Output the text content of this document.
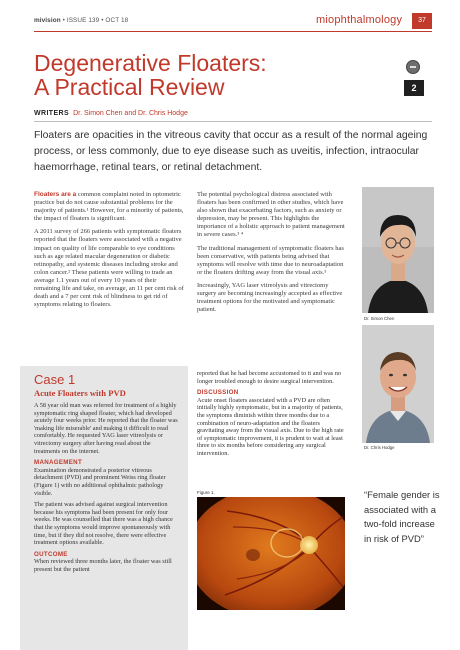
mivision • ISSUE 139 • OCT 18	miophthalmology	37
2
Degenerative Floaters:
A Practical Review
WRITERS Dr. Simon Chen and Dr. Chris Hodge
Floaters are opacities in the vitreous cavity that occur as a result of the normal ageing process, or less commonly, due to eye disease such as uveitis, infection, intraocular haemorrhage, retinal tears, or retinal detachment.

Floaters are a common complaint noted in optometric practice but do not cause substantial problems for the majority of patients.¹ However, for a minority of patients, the impact of floaters is significant.

A 2011 survey of 266 patients with symptomatic floaters reported that the floaters were associated with a negative impact on quality of life comparable to eye conditions such as age related macular degeneration or diabetic retinopathy, and systemic diseases including stroke and colon cancer.² These patients were willing to trade an average 1.1 years out of every 10 years of their remaining life and take, on average, an 11 per cent risk of death and a 7 per cent risk of blindness to get rid of symptoms relating to floaters.

The potential psychological distress associated with floaters has been confirmed in other studies, which have also shown that exacerbating factors, such as anxiety or depression, may be present. This highlights the importance of a holistic approach to patient management in severe cases.³ ⁴

The traditional management of symptomatic floaters has been conservative, with patients being advised that symptoms will resolve with time due to neuroadaptation or the floaters drifting away from the visual axis.⁵

Increasingly, YAG laser vitreolysis and vitrectomy surgery are becoming increasingly accepted as effective treatment options for the motivated and symptomatic patient.

Dr. Simon Chen
Dr. Chris Hodge
Case 1
Acute Floaters with PVD

A 58 year old man was referred for treatment of a highly symptomatic ring shaped floater, which had developed acutely four weeks prior. He reported that the floater was 'making life miserable' and making it difficult to read comfortably. He requested YAG laser vitreolysis or vitrectomy surgery after having read about the treatments on the internet.

MANAGEMENT

Examination demonstrated a posterior vitreous detachment (PVD) and prominent Weiss ring floater (Figure 1) with no additional ophthalmic pathology visible.

The patient was advised against surgical intervention because his symptoms had been present for only four weeks. He was counselled that there was a high chance that the symptoms would improve spontaneously with time, but if they did not resolve, there were effective treatment options available.

OUTCOME

When reviewed three months later, the floater was still present but the patient

reported that he had become accustomed to it and was no longer troubled enough to desire surgical intervention.

DISCUSSION

Acute onset floaters associated with a PVD are often initially highly symptomatic, but in a majority of patients, the symptoms diminish within three months due to a combination of neuro-adaptation and the floaters gravitating away from the visual axis. Due to the high rate of symptomatic improvement, it is prudent to wait at least three to six months before considering any surgical intervention.

Figure 1.	“Female gender is associated with a two-fold increase in risk of PVD”
